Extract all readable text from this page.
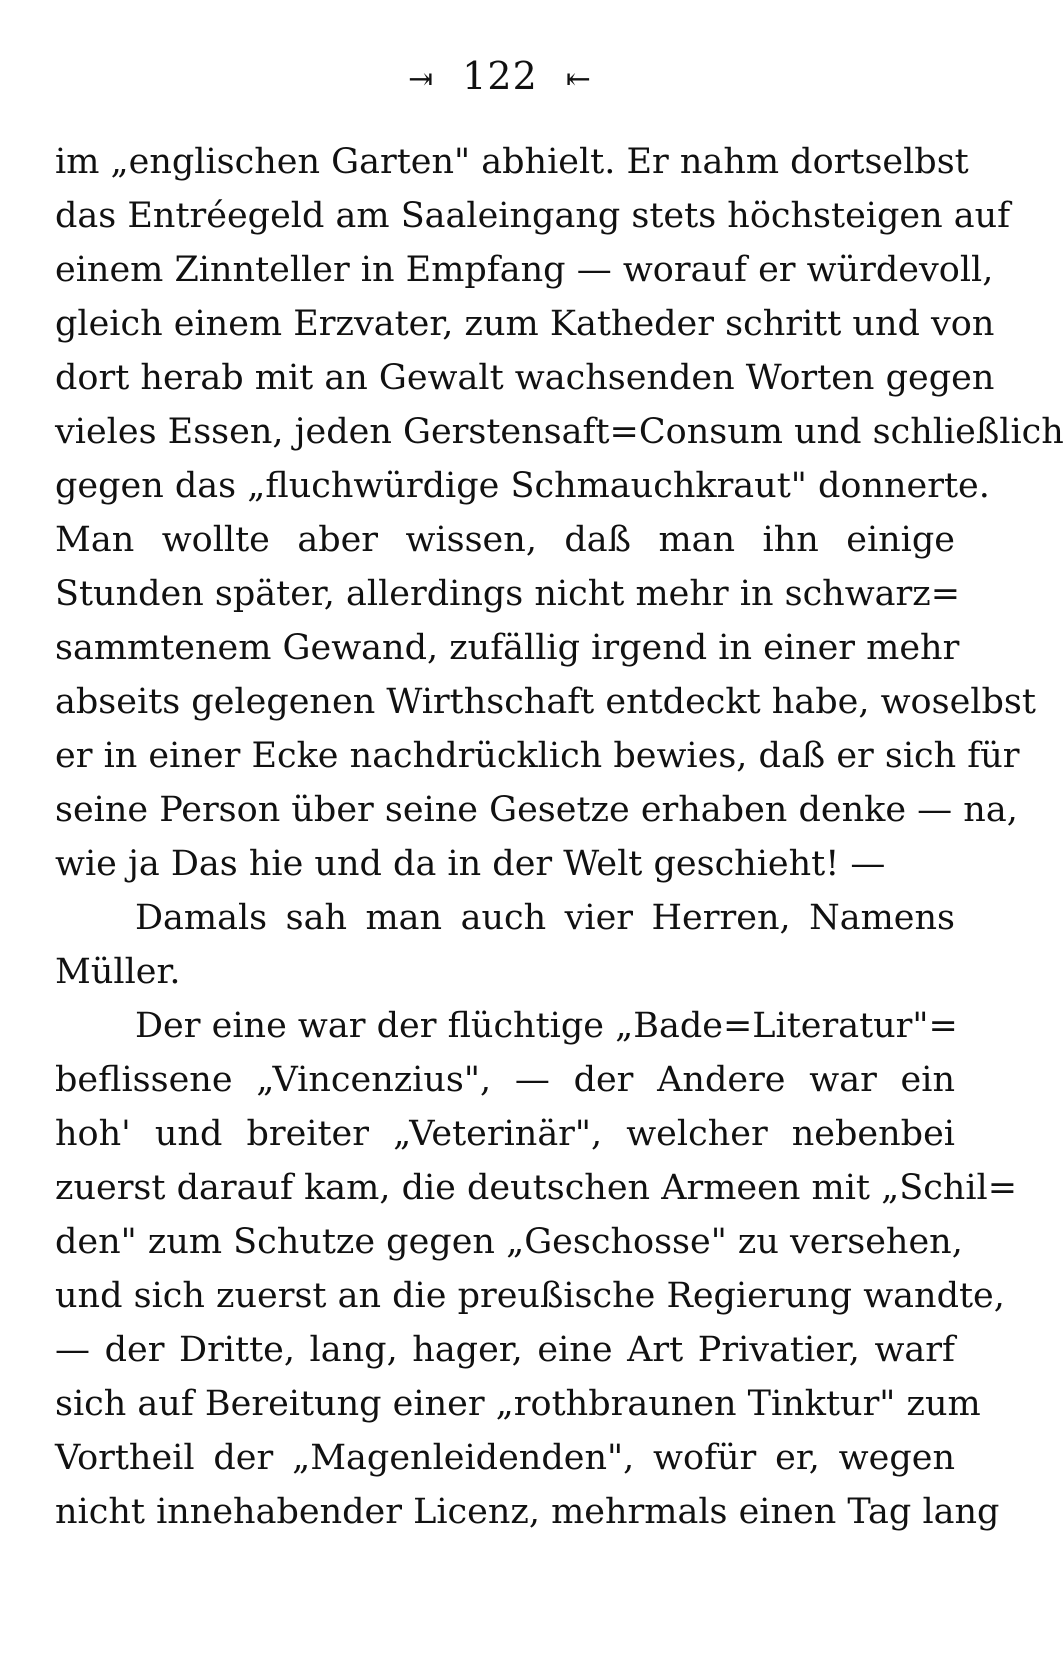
⇥ 122 ⇤
im „englischen Garten" abhielt. Er nahm dortselbst
das Entréegeld am Saaleingang stets höchsteigen auf
einem Zinnteller in Empfang — worauf er würdevoll,
gleich einem Erzvater, zum Katheder schritt und von
dort herab mit an Gewalt wachsenden Worten gegen
vieles Essen, jeden Gerstensaft=Consum und schließlich
gegen das „fluchwürdige Schmauchkraut" donnerte.
Man wollte aber wissen, daß man ihn einige
Stunden später, allerdings nicht mehr in schwarz=
sammtenem Gewand, zufällig irgend in einer mehr
abseits gelegenen Wirthschaft entdeckt habe, woselbst
er in einer Ecke nachdrücklich bewies, daß er sich für
seine Person über seine Gesetze erhaben denke — na,
wie ja Das hie und da in der Welt geschieht! —
Damals sah man auch vier Herren, Namens
Müller.
Der eine war der flüchtige „Bade=Literatur"=
beflissene „Vincenzius", — der Andere war ein
hoh' und breiter „Veterinär", welcher nebenbei
zuerst darauf kam, die deutschen Armeen mit „Schil=
den" zum Schutze gegen „Geschosse" zu versehen,
und sich zuerst an die preußische Regierung wandte,
— der Dritte, lang, hager, eine Art Privatier, warf
sich auf Bereitung einer „rothbraunen Tinktur" zum
Vortheil der „Magenleidenden", wofür er, wegen
nicht innehabender Licenz, mehrmals einen Tag lang
